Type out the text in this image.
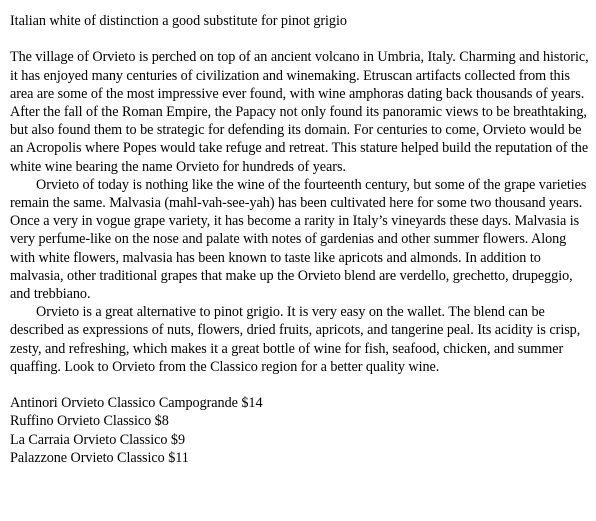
Italian white of distinction a good substitute for pinot grigio

The village of Orvieto is perched on top of an ancient volcano in Umbria, Italy. Charming and historic, it has enjoyed many centuries of civilization and winemaking. Etruscan artifacts collected from this area are some of the most impressive ever found, with wine amphoras dating back thousands of years. After the fall of the Roman Empire, the Papacy not only found its panoramic views to be breathtaking, but also found them to be strategic for defending its domain. For centuries to come, Orvieto would be an Acropolis where Popes would take refuge and retreat. This stature helped build the reputation of the white wine bearing the name Orvieto for hundreds of years.

Orvieto of today is nothing like the wine of the fourteenth century, but some of the grape varieties remain the same. Malvasia (mahl-vah-see-yah) has been cultivated here for some two thousand years. Once a very in vogue grape variety, it has become a rarity in Italy’s vineyards these days. Malvasia is very perfume-like on the nose and palate with notes of gardenias and other summer flowers. Along with white flowers, malvasia has been known to taste like apricots and almonds. In addition to malvasia, other traditional grapes that make up the Orvieto blend are verdello, grechetto, drupeggio, and trebbiano.

Orvieto is a great alternative to pinot grigio. It is very easy on the wallet. The blend can be described as expressions of nuts, flowers, dried fruits, apricots, and tangerine peal. Its acidity is crisp, zesty, and refreshing, which makes it a great bottle of wine for fish, seafood, chicken, and summer quaffing. Look to Orvieto from the Classico region for a better quality wine.

Antinori Orvieto Classico Campogrande $14
Ruffino Orvieto Classico $8
La Carraia Orvieto Classico $9
Palazzone Orvieto Classico $11
